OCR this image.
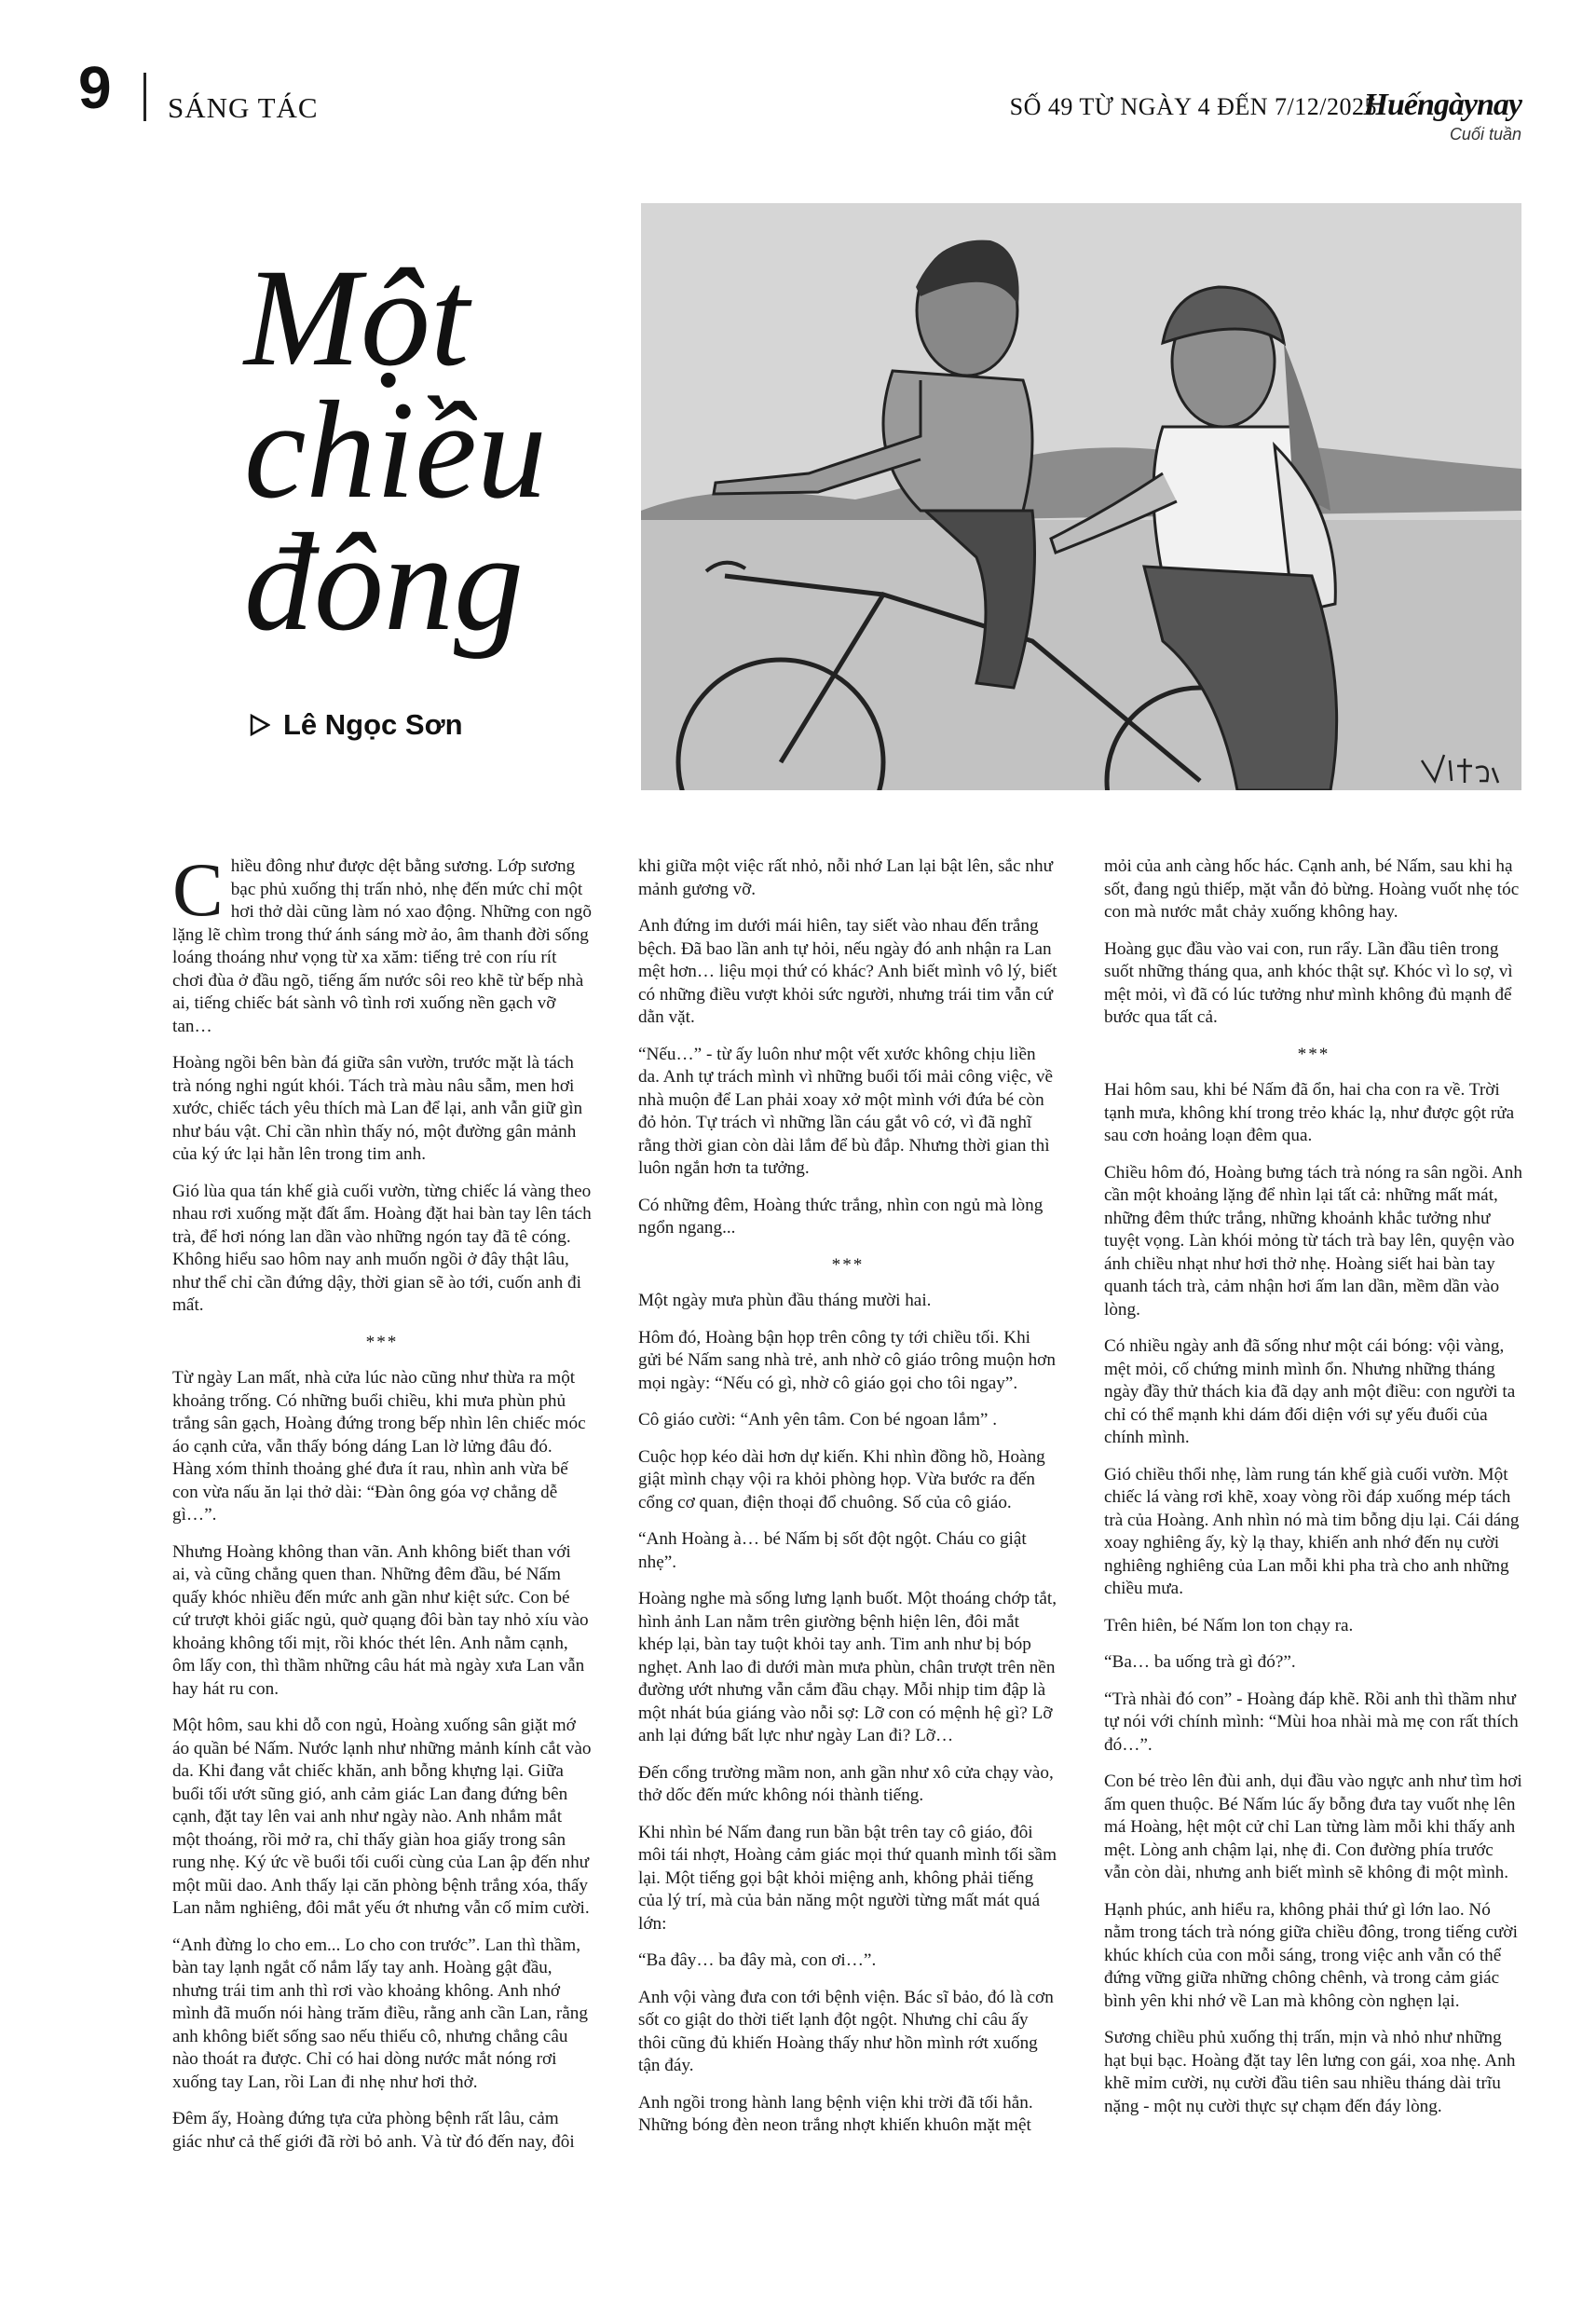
9 SÁNG TÁC	SỐ 49 TỪ NGÀY 4 ĐẾN 7/12/2025
Huếngàynay
Cuối tuần
Một
chiều
đông
Lê Ngọc Sơn

Chiều đông như được dệt bằng sương. Lớp sương bạc phủ xuống thị trấn nhỏ, nhẹ đến mức chỉ một hơi thở dài cũng làm nó xao động. Những con ngõ lặng lẽ chìm trong thứ ánh sáng mờ ảo, âm thanh đời sống loáng thoáng như vọng từ xa xăm: tiếng trẻ con ríu rít chơi đùa ở đầu ngõ, tiếng ấm nước sôi reo khẽ từ bếp nhà ai, tiếng chiếc bát sành vô tình rơi xuống nền gạch vỡ tan…

Hoàng ngồi bên bàn đá giữa sân vườn, trước mặt là tách trà nóng nghi ngút khói. Tách trà màu nâu sẫm, men hơi xước, chiếc tách yêu thích mà Lan để lại, anh vẫn giữ gìn như báu vật. Chỉ cần nhìn thấy nó, một đường gân mảnh của ký ức lại hằn lên trong tim anh.

Gió lùa qua tán khế già cuối vườn, từng chiếc lá vàng theo nhau rơi xuống mặt đất ẩm. Hoàng đặt hai bàn tay lên tách trà, để hơi nóng lan dần vào những ngón tay đã tê cóng. Không hiểu sao hôm nay anh muốn ngồi ở đây thật lâu, như thể chỉ cần đứng dậy, thời gian sẽ ào tới, cuốn anh đi mất.

***

Từ ngày Lan mất, nhà cửa lúc nào cũng như thừa ra một khoảng trống. Có những buổi chiều, khi mưa phùn phủ trắng sân gạch, Hoàng đứng trong bếp nhìn lên chiếc móc áo cạnh cửa, vẫn thấy bóng dáng Lan lờ lửng đâu đó. Hàng xóm thỉnh thoảng ghé đưa ít rau, nhìn anh vừa bế con vừa nấu ăn lại thở dài: “Đàn ông góa vợ chẳng dễ gì…”.

Nhưng Hoàng không than vãn. Anh không biết than với ai, và cũng chẳng quen than. Những đêm đầu, bé Nấm quấy khóc nhiều đến mức anh gần như kiệt sức. Con bé cứ trượt khỏi giấc ngủ, quờ quạng đôi bàn tay nhỏ xíu vào khoảng không tối mịt, rồi khóc thét lên. Anh nằm cạnh, ôm lấy con, thì thầm những câu hát mà ngày xưa Lan vẫn hay hát ru con.

Một hôm, sau khi dỗ con ngủ, Hoàng xuống sân giặt mớ áo quần bé Nấm. Nước lạnh như những mảnh kính cắt vào da. Khi đang vắt chiếc khăn, anh bỗng khựng lại. Giữa buổi tối ướt sũng gió, anh cảm giác Lan đang đứng bên cạnh, đặt tay lên vai anh như ngày nào. Anh nhắm mắt một thoáng, rồi mở ra, chỉ thấy giàn hoa giấy trong sân rung nhẹ. Ký ức về buổi tối cuối cùng của Lan ập đến như một mũi dao. Anh thấy lại căn phòng bệnh trắng xóa, thấy Lan nằm nghiêng, đôi mắt yếu ớt nhưng vẫn cố mỉm cười.

“Anh đừng lo cho em... Lo cho con trước”. Lan thì thầm, bàn tay lạnh ngắt cố nắm lấy tay anh. Hoàng gật đầu, nhưng trái tim anh thì rơi vào khoảng không. Anh nhớ mình đã muốn nói hàng trăm điều, rằng anh cần Lan, rằng anh không biết sống sao nếu thiếu cô, nhưng chẳng câu nào thoát ra được. Chỉ có hai dòng nước mắt nóng rơi xuống tay Lan, rồi Lan đi nhẹ như hơi thở.

Đêm ấy, Hoàng đứng tựa cửa phòng bệnh rất lâu, cảm giác như cả thế giới đã rời bỏ anh. Và từ đó đến nay, đôi

khi giữa một việc rất nhỏ, nỗi nhớ Lan lại bật lên, sắc như mảnh gương vỡ.

Anh đứng im dưới mái hiên, tay siết vào nhau đến trắng bệch. Đã bao lần anh tự hỏi, nếu ngày đó anh nhận ra Lan mệt hơn… liệu mọi thứ có khác? Anh biết mình vô lý, biết có những điều vượt khỏi sức người, nhưng trái tim vẫn cứ dằn vặt.

“Nếu…” - từ ấy luôn như một vết xước không chịu liền da. Anh tự trách mình vì những buổi tối mải công việc, về nhà muộn để Lan phải xoay xở một mình với đứa bé còn đỏ hỏn. Tự trách vì những lần cáu gắt vô cớ, vì đã nghĩ rằng thời gian còn dài lắm để bù đắp. Nhưng thời gian thì luôn ngắn hơn ta tưởng.

Có những đêm, Hoàng thức trắng, nhìn con ngủ mà lòng ngổn ngang...

***

Một ngày mưa phùn đầu tháng mười hai.

Hôm đó, Hoàng bận họp trên công ty tới chiều tối. Khi gửi bé Nấm sang nhà trẻ, anh nhờ cô giáo trông muộn hơn mọi ngày: “Nếu có gì, nhờ cô giáo gọi cho tôi ngay”.

Cô giáo cười: “Anh yên tâm. Con bé ngoan lắm” .

Cuộc họp kéo dài hơn dự kiến. Khi nhìn đồng hồ, Hoàng giật mình chạy vội ra khỏi phòng họp. Vừa bước ra đến cổng cơ quan, điện thoại đổ chuông. Số của cô giáo.

“Anh Hoàng à… bé Nấm bị sốt đột ngột. Cháu co giật nhẹ”.

Hoàng nghe mà sống lưng lạnh buốt. Một thoáng chớp tắt, hình ảnh Lan nằm trên giường bệnh hiện lên, đôi mắt khép lại, bàn tay tuột khỏi tay anh. Tim anh như bị bóp nghẹt. Anh lao đi dưới màn mưa phùn, chân trượt trên nền đường ướt nhưng vẫn cắm đầu chạy. Mỗi nhịp tim đập là một nhát búa giáng vào nỗi sợ: Lỡ con có mệnh hệ gì? Lỡ anh lại đứng bất lực như ngày Lan đi? Lỡ…

Đến cổng trường mầm non, anh gần như xô cửa chạy vào, thở dốc đến mức không nói thành tiếng.

Khi nhìn bé Nấm đang run bần bật trên tay cô giáo, đôi môi tái nhợt, Hoàng cảm giác mọi thứ quanh mình tối sầm lại. Một tiếng gọi bật khỏi miệng anh, không phải tiếng của lý trí, mà của bản năng một người từng mất mát quá lớn:

“Ba đây… ba đây mà, con ơi…”.

Anh vội vàng đưa con tới bệnh viện. Bác sĩ bảo, đó là cơn sốt co giật do thời tiết lạnh đột ngột. Nhưng chỉ câu ấy thôi cũng đủ khiến Hoàng thấy như hồn mình rớt xuống tận đáy.

Anh ngồi trong hành lang bệnh viện khi trời đã tối hẳn. Những bóng đèn neon trắng nhợt khiến khuôn mặt mệt

mỏi của anh càng hốc hác. Cạnh anh, bé Nấm, sau khi hạ sốt, đang ngủ thiếp, mặt vẫn đỏ bừng. Hoàng vuốt nhẹ tóc con mà nước mắt chảy xuống không hay.

Hoàng gục đầu vào vai con, run rẩy. Lần đầu tiên trong suốt những tháng qua, anh khóc thật sự. Khóc vì lo sợ, vì mệt mỏi, vì đã có lúc tưởng như mình không đủ mạnh để bước qua tất cả.

***

Hai hôm sau, khi bé Nấm đã ổn, hai cha con ra về. Trời tạnh mưa, không khí trong trẻo khác lạ, như được gột rửa sau cơn hoảng loạn đêm qua.

Chiều hôm đó, Hoàng bưng tách trà nóng ra sân ngồi. Anh cần một khoảng lặng để nhìn lại tất cả: những mất mát, những đêm thức trắng, những khoảnh khắc tưởng như tuyệt vọng. Làn khói mỏng từ tách trà bay lên, quyện vào ánh chiều nhạt như hơi thở nhẹ. Hoàng siết hai bàn tay quanh tách trà, cảm nhận hơi ấm lan dần, mềm dần vào lòng.

Có nhiều ngày anh đã sống như một cái bóng: vội vàng, mệt mỏi, cố chứng minh mình ổn. Nhưng những tháng ngày đầy thử thách kia đã dạy anh một điều: con người ta chỉ có thể mạnh khi dám đối diện với sự yếu đuối của chính mình.

Gió chiều thổi nhẹ, làm rung tán khế già cuối vườn. Một chiếc lá vàng rơi khẽ, xoay vòng rồi đáp xuống mép tách trà của Hoàng. Anh nhìn nó mà tim bỗng dịu lại. Cái dáng xoay nghiêng ấy, kỳ lạ thay, khiến anh nhớ đến nụ cười nghiêng nghiêng của Lan mỗi khi pha trà cho anh những chiều mưa.

Trên hiên, bé Nấm lon ton chạy ra.

“Ba… ba uống trà gì đó?”.

“Trà nhài đó con” - Hoàng đáp khẽ. Rồi anh thì thầm như tự nói với chính mình: “Mùi hoa nhài mà mẹ con rất thích đó…”.

Con bé trèo lên đùi anh, dụi đầu vào ngực anh như tìm hơi ấm quen thuộc. Bé Nấm lúc ấy bỗng đưa tay vuốt nhẹ lên má Hoàng, hệt một cử chỉ Lan từng làm mỗi khi thấy anh mệt. Lòng anh chậm lại, nhẹ đi. Con đường phía trước vẫn còn dài, nhưng anh biết mình sẽ không đi một mình.

Hạnh phúc, anh hiểu ra, không phải thứ gì lớn lao. Nó nằm trong tách trà nóng giữa chiều đông, trong tiếng cười khúc khích của con mỗi sáng, trong việc anh vẫn có thể đứng vững giữa những chông chênh, và trong cảm giác bình yên khi nhớ về Lan mà không còn nghẹn lại.

Sương chiều phủ xuống thị trấn, mịn và nhỏ như những hạt bụi bạc. Hoàng đặt tay lên lưng con gái, xoa nhẹ. Anh khẽ mỉm cười, nụ cười đầu tiên sau nhiều tháng dài trĩu nặng - một nụ cười thực sự chạm đến đáy lòng.
